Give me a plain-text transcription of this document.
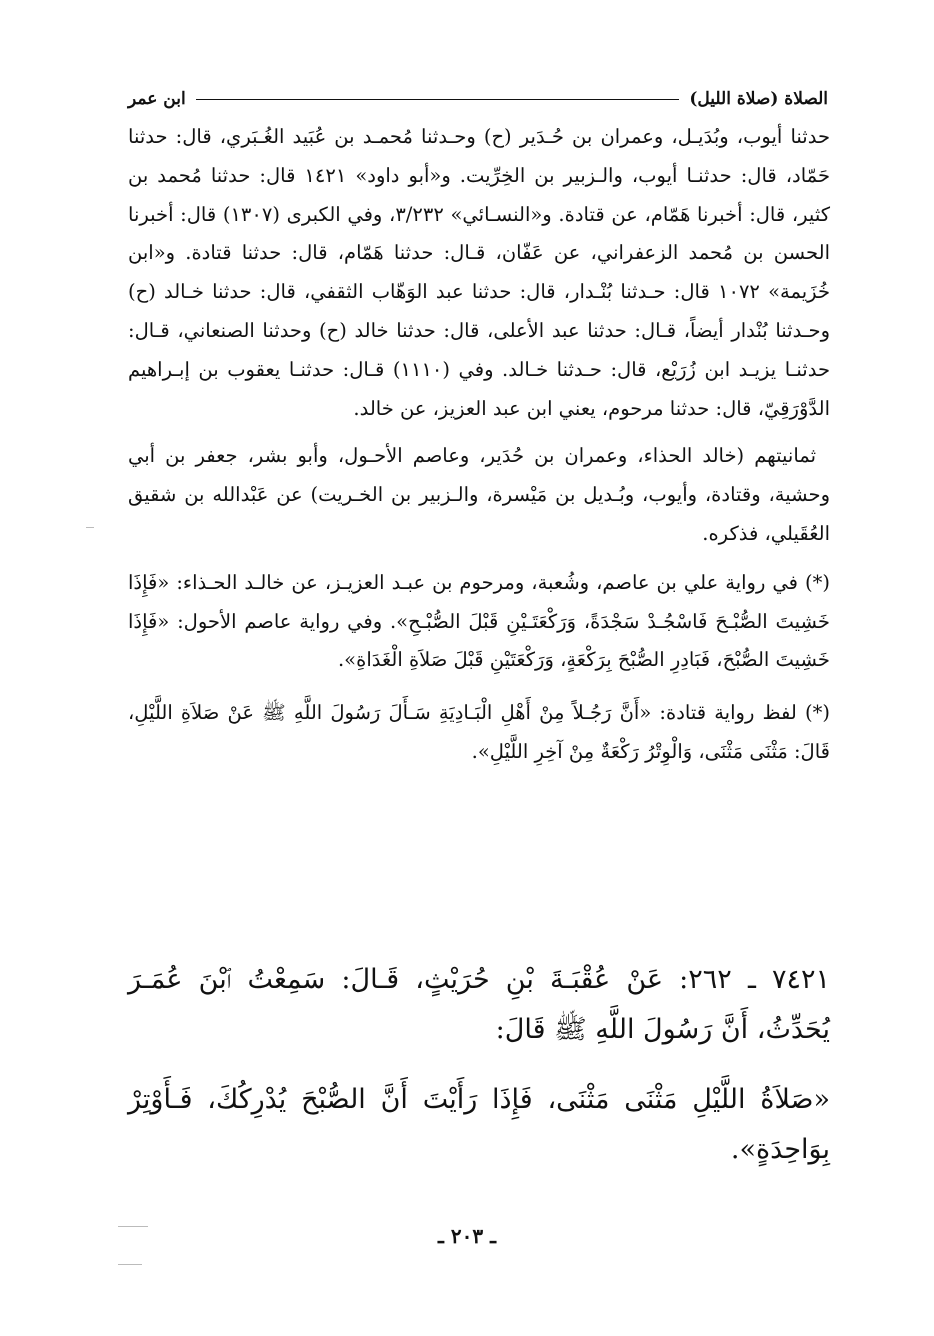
الصلاة (صلاة الليل)
ابن عمر

حدثنا أيوب، وبُدَيـل، وعمران بن حُـدَير (ح) وحـدثنا مُحمـد بن عُبَيد الغُـبَري، قال: حدثنا حَمّاد، قال: حدثنـا أيوب، والـزبير بن الخِرِّيت. و«أبو داود» ١٤٢١ قال: حدثنا مُحمد بن كثير، قال: أخبرنا هَمّام، عن قتادة. و«النسـائي» ٣/٢٣٢، وفي الكبرى (١٣٠٧) قال: أخبرنا الحسن بن مُحمد الزعفراني، عن عَفّان، قـال: حدثنا هَمّام، قال: حدثنا قتادة. و«ابن خُزَيمة» ١٠٧٢ قال: حـدثنا بُنْـدار، قال: حدثنا عبد الوَهّاب الثقفي، قال: حدثنا خـالد (ح) وحـدثنا بُنْدار أيضاً، قـال: حدثنا عبد الأعلى، قال: حدثنا خالد (ح) وحدثنا الصنعاني، قـال: حدثنـا يزيـد ابن زُرَيْع، قال: حـدثنا خـالد. وفي (١١١٠) قـال: حدثنـا يعقوب بن إبـراهيم الدَّوْرَقِيّ، قال: حدثنا مرحوم، يعني ابن عبد العزيز، عن خالد.

ثمانيتهم (خالد الحذاء، وعمران بن حُدَير، وعاصم الأحـول، وأبو بشر، جعفر بن أبي وحشية، وقتادة، وأيوب، وبُـديل بن مَيْسرة، والـزبير بن الخـريت) عن عَبْدالله بن شقيق العُقَيلي، فذكره.

(*) في رواية علي بن عاصم، وشُعبة، ومرحوم بن عبـد العزيـز، عن خالـد الحـذاء: «فَإِذَا خَشِيتَ الصُّبْـحَ فَاسْجُـدْ سَجْدَةً، وَرَكْعَتَـيْنِ قَبْلَ الصُّبْـحِ». وفي رواية عاصم الأحول: «فَإِذَا خَشِيتَ الصُّبْحَ، فَبَادِرِ الصُّبْحَ بِرَكْعَةٍ، وَرَكْعَتَيْنِ قَبْلَ صَلاَةِ الْغَدَاةِ».

(*) لفظ رواية قتادة: «أَنَّ رَجُـلاً مِنْ أَهْلِ الْبَـادِيَةِ سَـأَلَ رَسُولَ اللَّهِ ﷺ عَنْ صَلاَةِ اللَّيْلِ، قَالَ: مَثْنَى مَثْنَى، وَالْوِتْرُ رَكْعَةٌ مِنْ آخِرِ اللَّيْلِ».

٧٤٢١ ـ ٢٦٢: عَنْ عُقْبَـةَ بْنِ حُرَيْثٍ، قَـالَ: سَمِعْتُ ٱبْنَ عُمَـرَ يُحَدِّثُ، أَنَّ رَسُولَ اللَّهِ ﷺ قَالَ:

«صَلاَةُ اللَّيْلِ مَثْنَى مَثْنَى، فَإِذَا رَأَيْتَ أَنَّ الصُّبْحَ يُدْرِكُكَ، فَـأَوْتِرْ بِوَاحِدَةٍ».

ـ ٢٠٣ ـ
